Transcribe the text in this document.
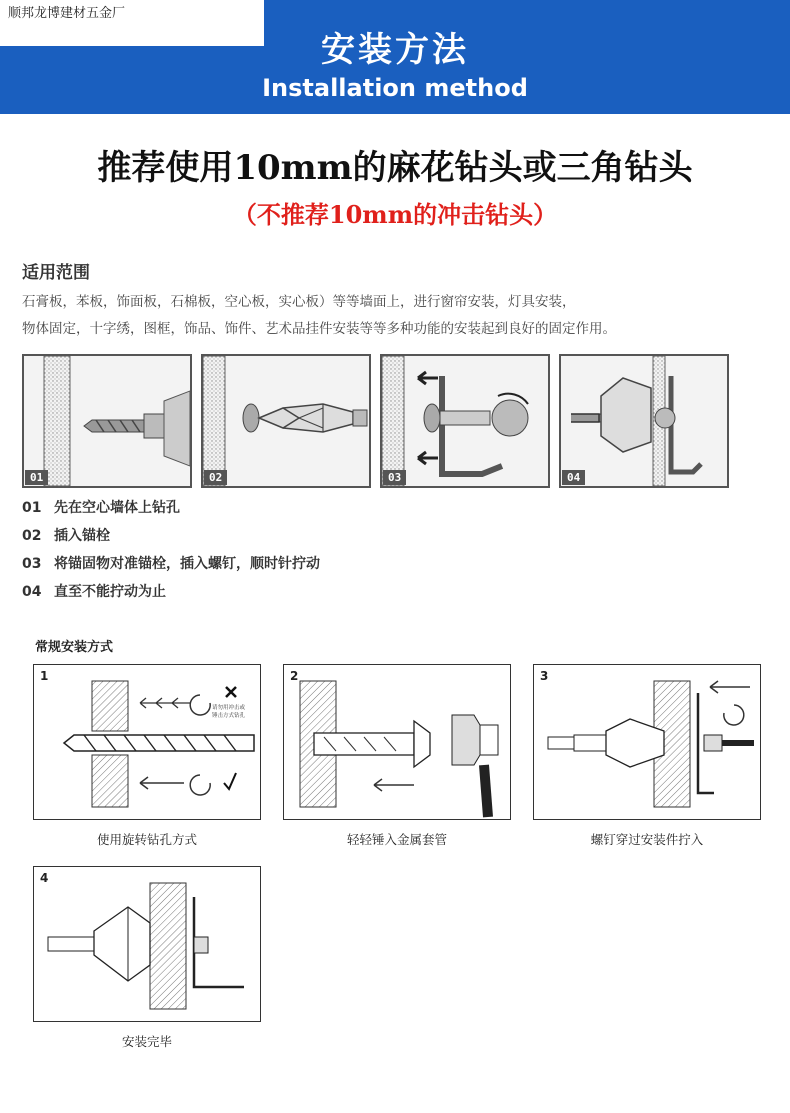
安装方法
Installation method
顺邦龙博建材五金厂
推荐使用10mm的麻花钻头或三角钻头
（不推荐10mm的冲击钻头）
适用范围
石膏板，苯板，饰面板，石棉板，空心板，实心板）等等墙面上，进行窗帘安装，灯具安装，
物体固定，十字绣，图框，饰品、饰件、艺术品挂件安装等等多种功能的安装起到良好的固定作用。
01	02	03	04
01 先在空心墙体上钻孔
02 插入锚栓
03 将锚固物对准锚栓，插入螺钉，顺时针拧动
04 直至不能拧动为止
常规安装方式
1
请勿用冲击或
锤击方式钻孔
使用旋转钻孔方式
2
轻轻锤入金属套管
3
螺钉穿过安装件拧入
4
安装完毕
